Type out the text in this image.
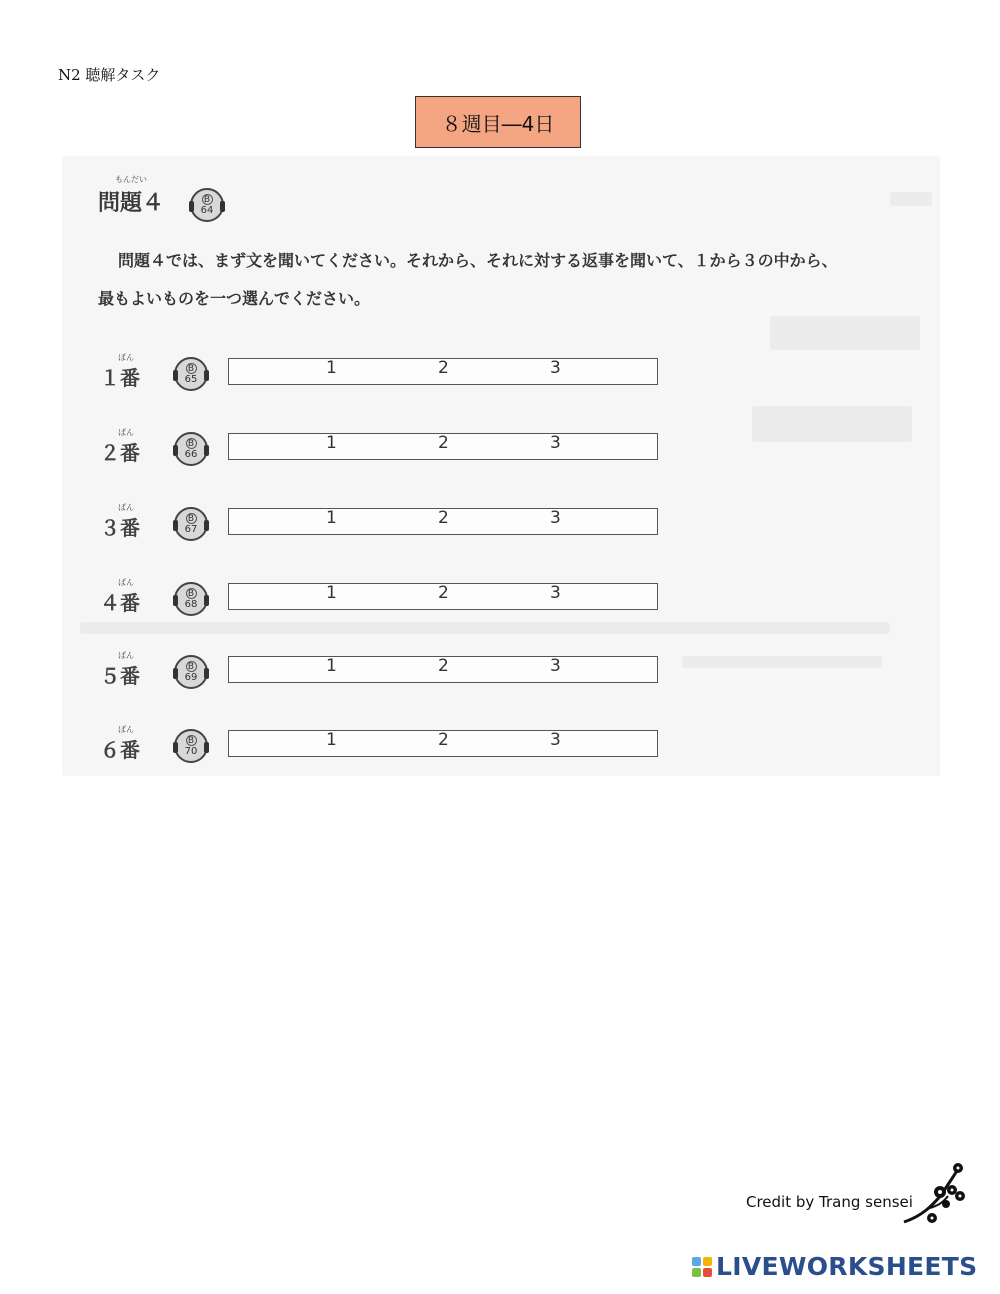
N2 聴解タスク
８週目―4日
もんだい
問題４	B
64
問題４では、まず文を聞いてください。それから、それに対する返事を聞いて、１から３の中から、
最もよいものを一つ選んでください。
ばん
１番	B
65
1	2	3
ばん
２番	B
66
1	2	3
ばん
３番	B
67
1	2	3
ばん
４番	B
68
1	2	3
ばん
５番	B
69
1	2	3
ばん
６番	B
70
1	2	3
Credit by Trang sensei
LIVEWORKSHEETS
